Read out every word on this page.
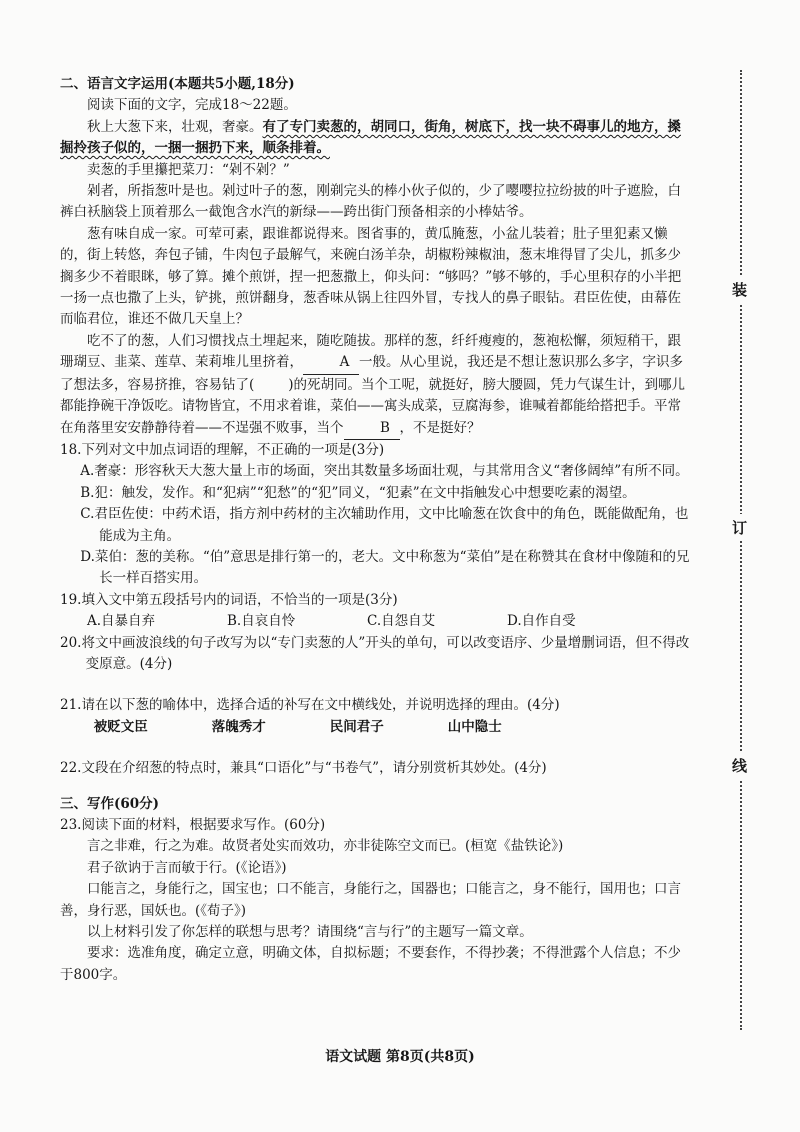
装
订
线

二、语言文字运用(本题共5小题,18分)

阅读下面的文字，完成18～22题。

秋上大葱下来，壮观，奢豪。有了专门卖葱的，胡同口，街角，树底下，找一块不碍事儿的地方，搡掘拎孩子似的，一捆一捆扔下来，顺条排着。

卖葱的手里攥把菜刀：“剁不剁？”

剁者，所指葱叶是也。剁过叶子的葱，刚剃完头的棒小伙子似的，少了嘤嘤拉拉纷披的叶子遮脸，白裤白袄脑袋上顶着那么一截饱含水汽的新绿——跨出街门预备相亲的小棒姑爷。

葱有味自成一家。可荤可素，跟谁都说得来。图省事的，黄瓜腌葱，小盆儿装着；肚子里犯素又懒的，街上转悠，奔包子铺，牛肉包子最解气，来碗白汤羊杂，胡椒粉辣椒油，葱末堆得冒了尖儿，抓多少搁多少不着眼眯，够了算。摊个煎饼，捏一把葱撒上，仰头问：“够吗？”够不够的，手心里积存的小半把一扬一点也撒了上头，铲挑，煎饼翻身，葱香味从锅上往四外冒，专找人的鼻子眼钻。君臣佐使，由幕佐而临君位，谁还不做几天皇上？

吃不了的葱，人们习惯找点土埋起来，随吃随拔。那样的葱，纤纤瘦瘦的，葱袍松懈，须短稍干，跟珊瑚豆、韭菜、莲草、茉莉堆儿里挤着，	A 一般。从心里说，我还是不想让葱识那么多字，字识多了想法多，容易挤推，容易钻了(	)的死胡同。当个工呢，就挺好，膀大腰圆，凭力气谋生计，到哪儿都能挣碗干净饭吃。请物皆宜，不用求着谁，菜伯——寓头成菜，豆腐海参，谁喊着都能给搭把手。平常在角落里安安静静待着——不逞强不败事，当个	B ，不是挺好？

18.下列对文中加点词语的理解，不正确的一项是(3分)

A.奢豪：形容秋天大葱大量上市的场面，突出其数量多场面壮观，与其常用含义“奢侈阔绰”有所不同。

B.犯：触发，发作。和“犯病”“犯愁”的“犯”同义，“犯素”在文中指触发心中想要吃素的渴望。

C.君臣佐使：中药术语，指方剂中药材的主次辅助作用，文中比喻葱在饮食中的角色，既能做配角，也能成为主角。

D.菜伯：葱的美称。“伯”意思是排行第一的，老大。文中称葱为“菜伯”是在称赞其在食材中像随和的兄长一样百搭实用。

19.填入文中第五段括号内的词语，不恰当的一项是(3分)

A.自暴自弃	B.自哀自怜	C.自怨自艾	D.自作自受

20.将文中画波浪线的句子改写为以“专门卖葱的人”开头的单句，可以改变语序、少量增删词语，但不得改变原意。(4分)

21.请在以下葱的喻体中，选择合适的补写在文中横线处，并说明选择的理由。(4分)

被贬文臣	落魄秀才	民间君子	山中隐士

22.文段在介绍葱的特点时，兼具“口语化”与“书卷气”，请分别赏析其妙处。(4分)

三、写作(60分)

23.阅读下面的材料，根据要求写作。(60分)

言之非难，行之为难。故贤者处实而效功，亦非徒陈空文而已。(桓宽《盐铁论》)

君子欲讷于言而敏于行。(《论语》)

口能言之，身能行之，国宝也；口不能言，身能行之，国器也；口能言之，身不能行，国用也；口言善，身行恶，国妖也。(《荀子》)

以上材料引发了你怎样的联想与思考？请围绕“言与行”的主题写一篇文章。

要求：选准角度，确定立意，明确文体，自拟标题；不要套作，不得抄袭；不得泄露个人信息；不少于800字。

语文试题 第8页(共8页)
